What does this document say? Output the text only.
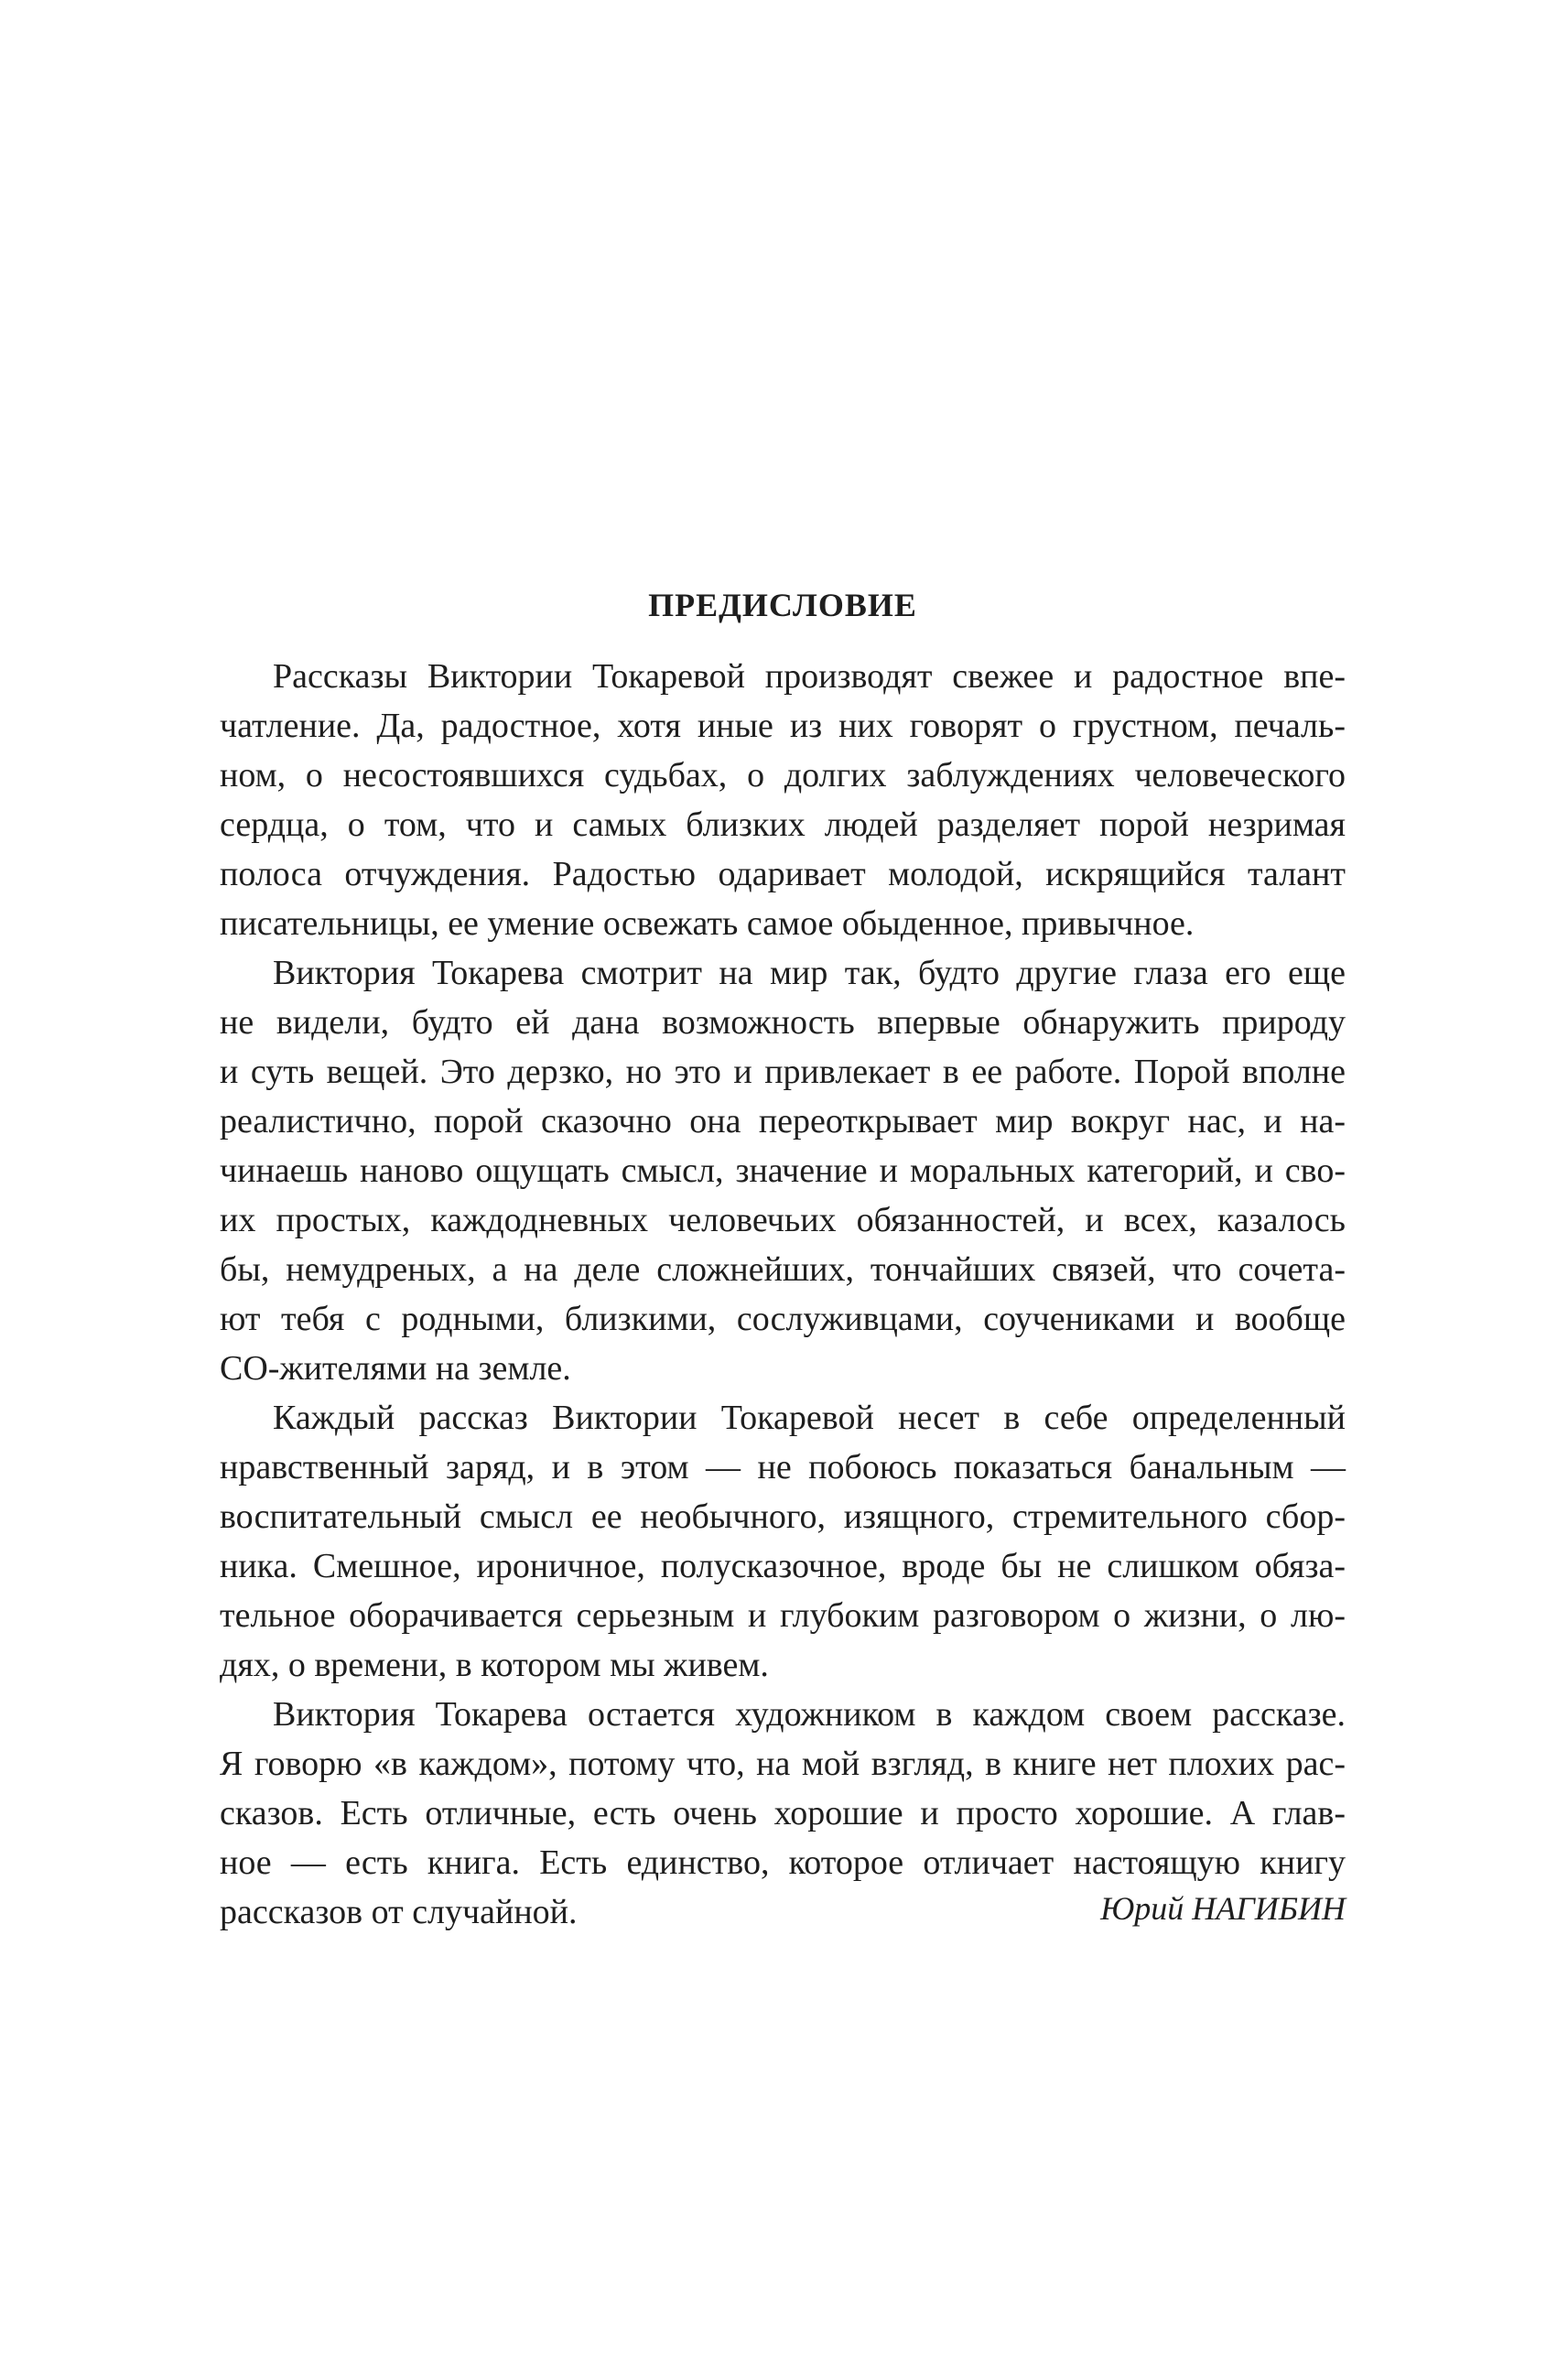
ПРЕДИСЛОВИЕ
Рассказы Виктории Токаревой производят свежее и радостное впе-
чатление. Да, радостное, хотя иные из них говорят о грустном, печаль-
ном, о несостоявшихся судьбах, о долгих заблуждениях человеческого
сердца, о том, что и самых близких людей разделяет порой незримая
полоса отчуждения. Радостью одаривает молодой, искрящийся талант
писательницы, ее умение освежать самое обыденное, привычное.
Виктория Токарева смотрит на мир так, будто другие глаза его еще
не видели, будто ей дана возможность впервые обнаружить природу
и суть вещей. Это дерзко, но это и привлекает в ее работе. Порой вполне
реалистично, порой сказочно она переоткрывает мир вокруг нас, и на-
чинаешь наново ощущать смысл, значение и моральных категорий, и сво-
их простых, каждодневных человечьих обязанностей, и всех, казалось
бы, немудреных, а на деле сложнейших, тончайших связей, что сочета-
ют тебя с родными, близкими, сослуживцами, соучениками и вообще
СО-жителями на земле.
Каждый рассказ Виктории Токаревой несет в себе определенный
нравственный заряд, и в этом — не побоюсь показаться банальным —
воспитательный смысл ее необычного, изящного, стремительного сбор-
ника. Смешное, ироничное, полусказочное, вроде бы не слишком обяза-
тельное оборачивается серьезным и глубоким разговором о жизни, о лю-
дях, о времени, в котором мы живем.
Виктория Токарева остается художником в каждом своем рассказе.
Я говорю «в каждом», потому что, на мой взгляд, в книге нет плохих рас-
сказов. Есть отличные, есть очень хорошие и просто хорошие. А глав-
ное — есть книга. Есть единство, которое отличает настоящую книгу
рассказов от случайной.	Юрий НАГИБИН
